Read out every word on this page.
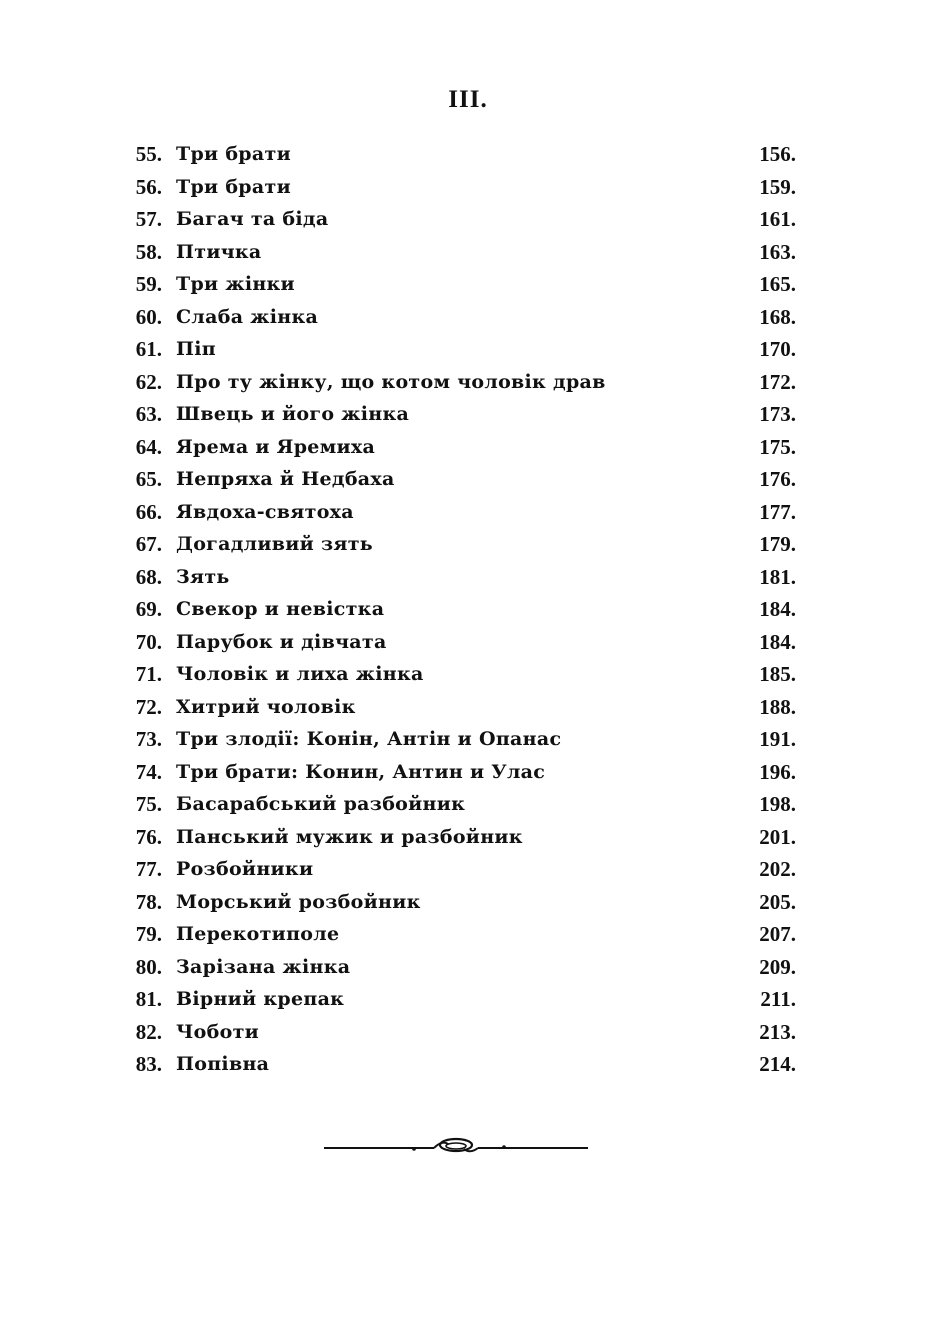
III.
55. Три брати	156.
56. Три брати	159.
57. Багач та біда	161.
58. Птичка	163.
59. Три жінки	165.
60. Слаба жінка	168.
61. Піп	170.
62. Про ту жінку, що котом чоловік драв	172.
63. Швець и його жінка	173.
64. Ярема и Яремиха	175.
65. Непряха й Недбаха	176.
66. Явдоха-святоха	177.
67. Догадливий зять	179.
68. Зять	181.
69. Свекор и невістка	184.
70. Парубок и дівчата	184.
71. Чоловік и лиха жінка	185.
72. Хитрий чоловік	188.
73. Три злодії: Конін, Антін и Опанас	191.
74. Три брати: Конин, Антин и Улас	196.
75. Басарабський разбойник	198.
76. Панський мужик и разбойник	201.
77. Розбойники	202.
78. Морський розбойник	205.
79. Перекотиполе	207.
80. Зарізана жінка	209.
81. Вірний крепак	211.
82. Чоботи	213.
83. Попівна	214.
